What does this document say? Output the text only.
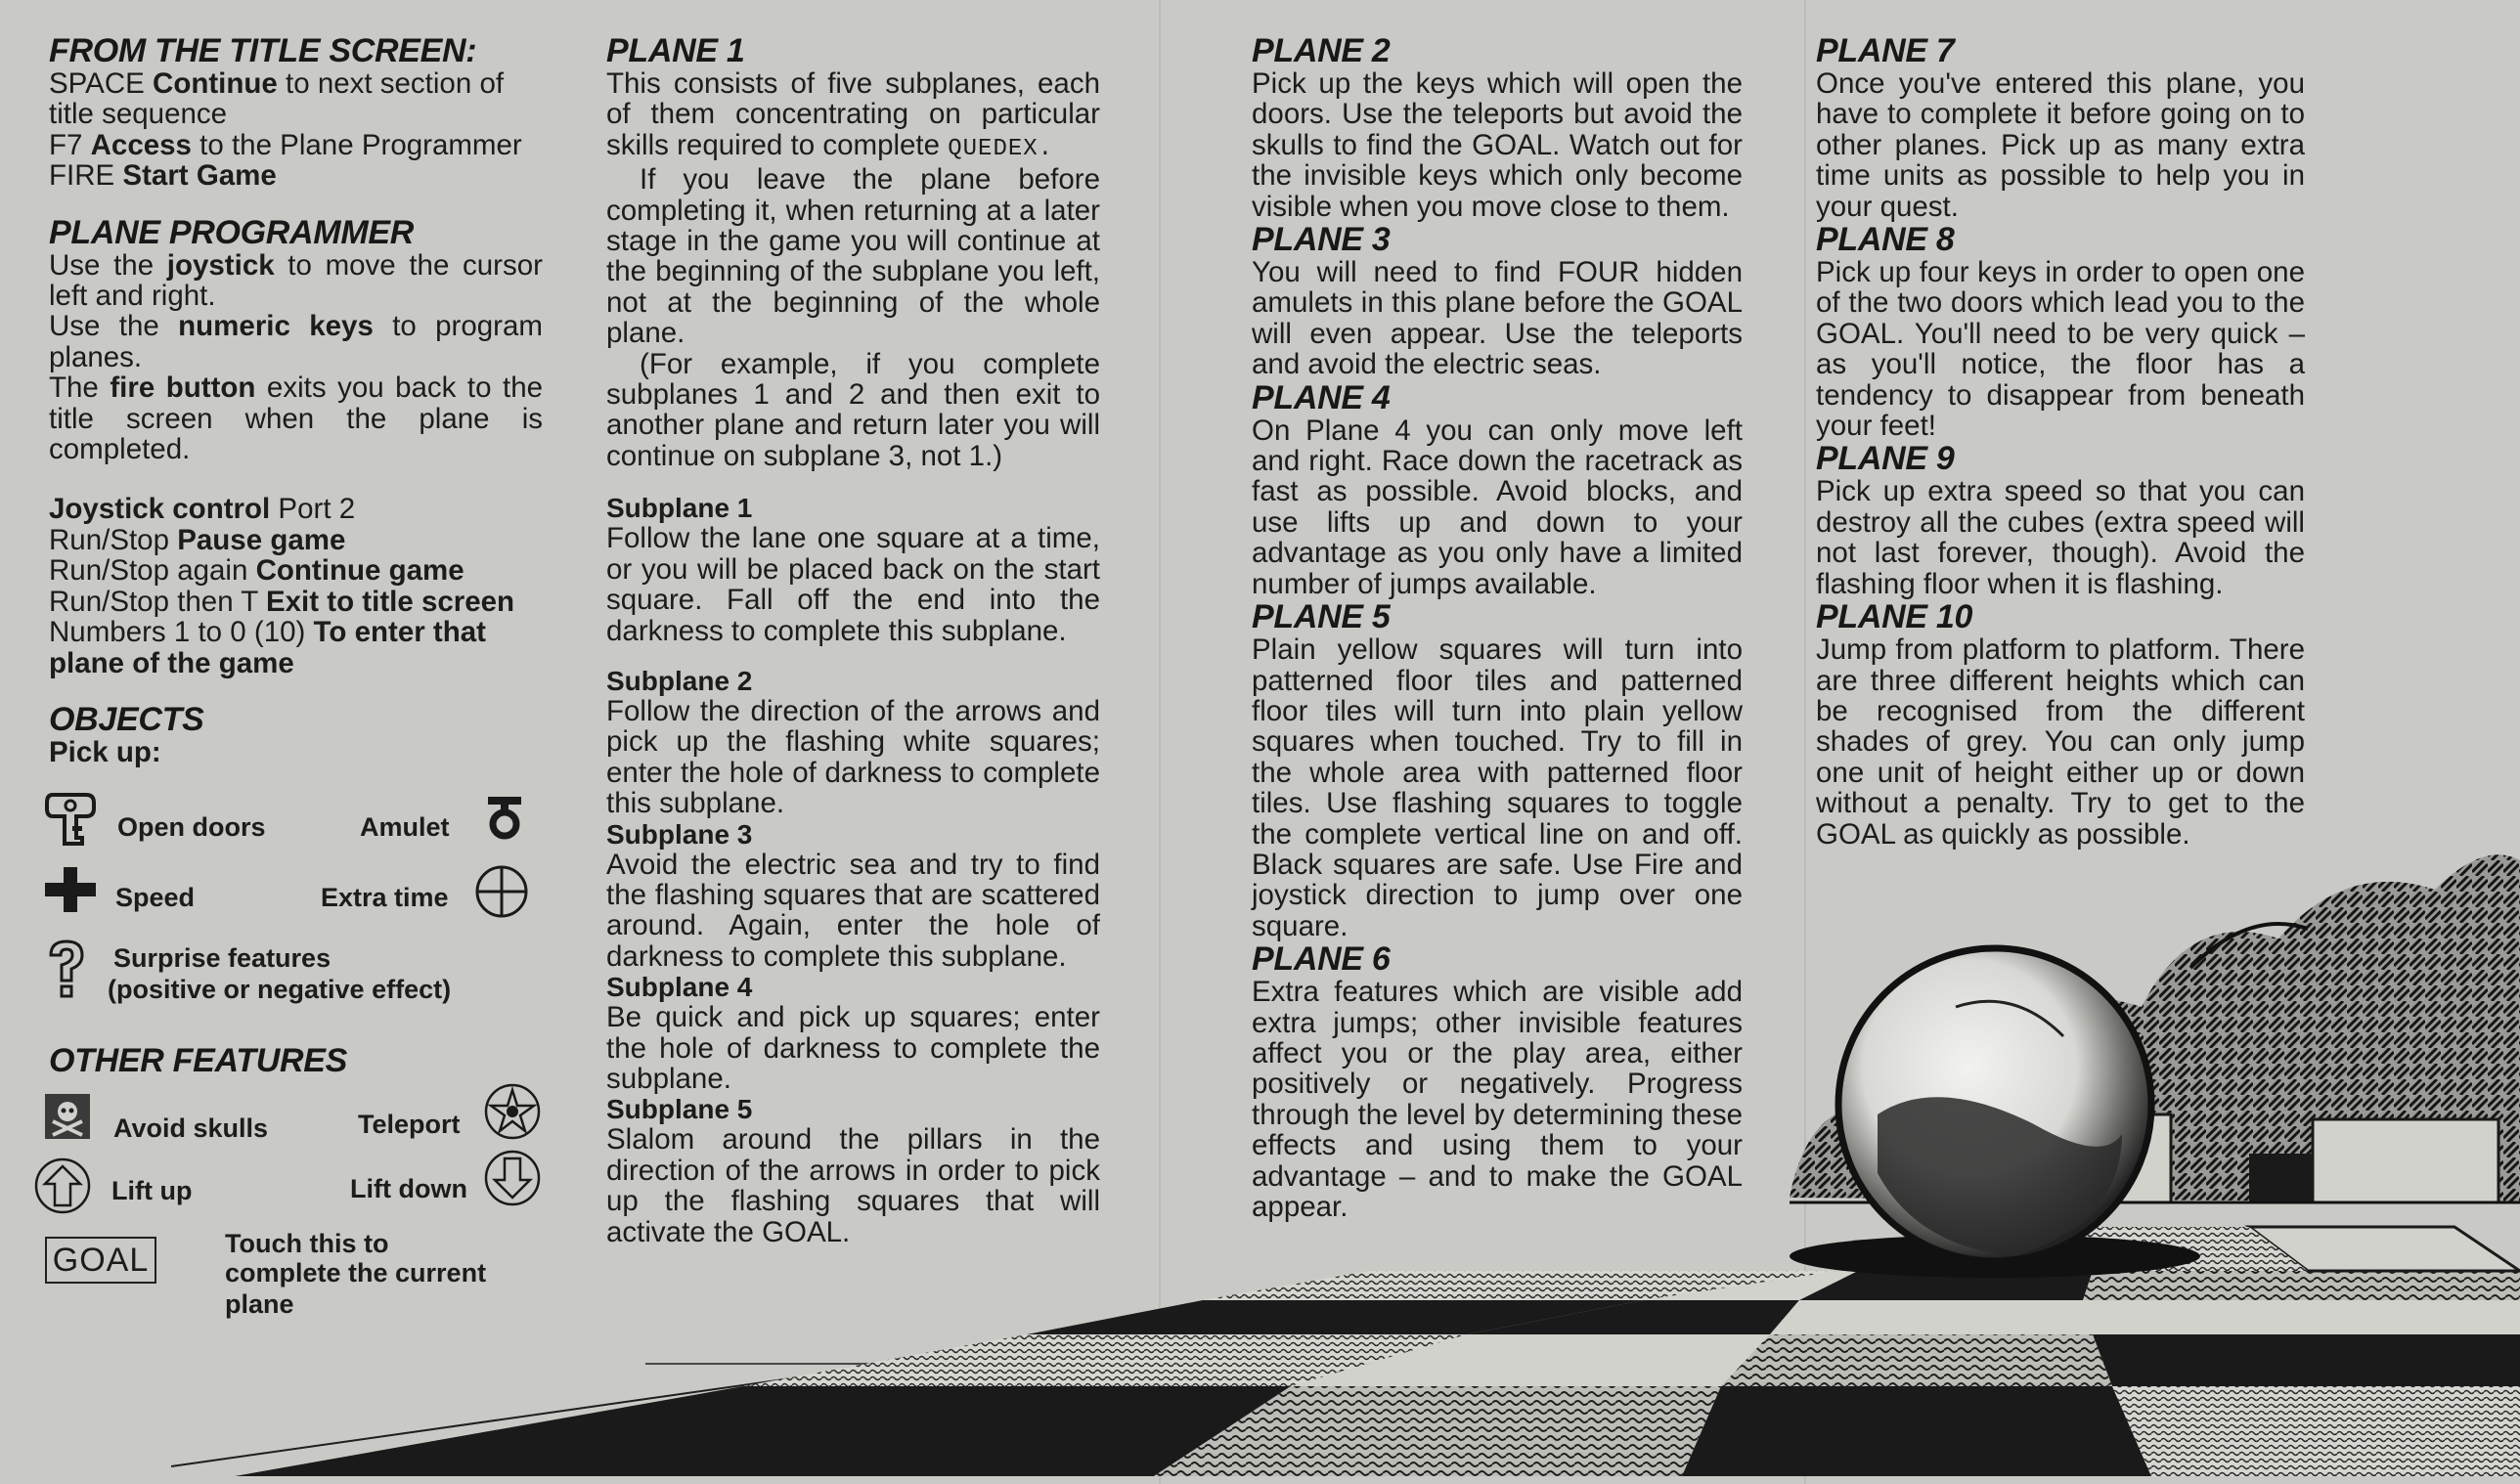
FROM THE TITLE SCREEN:

SPACE Continue to next section of title sequence

F7 Access to the Plane Programmer

FIRE Start Game

PLANE PROGRAMMER

Use the joystick to move the cursor left and right.

Use the numeric keys to program planes.

The fire button exits you back to the title screen when the plane is completed.

Joystick control Port 2

Run/Stop Pause game

Run/Stop again Continue game

Run/Stop then T Exit to title screen

Numbers 1 to 0 (10) To enter that plane of the game

OBJECTS

Pick up:

Open doors	Amulet
Speed	Extra time
Surprise features
(positive or negative effect)
OTHER FEATURES
Avoid skulls	Teleport
Lift up	Lift down
GOAL	Touch this to
complete the current plane
PLANE 1

This consists of five subplanes, each of them concentrating on particular skills required to complete QUEDEX.

If you leave the plane before completing it, when returning at a later stage in the game you will continue at the beginning of the subplane you left, not at the beginning of the whole plane.

(For example, if you complete subplanes 1 and 2 and then exit to another plane and return later you will continue on subplane 3, not 1.)

Subplane 1

Follow the lane one square at a time, or you will be placed back on the start square. Fall off the end into the darkness to complete this subplane.

Subplane 2

Follow the direction of the arrows and pick up the flashing white squares; enter the hole of darkness to complete this subplane.

Subplane 3

Avoid the electric sea and try to find the flashing squares that are scattered around. Again, enter the hole of darkness to complete this subplane.

Subplane 4

Be quick and pick up squares; enter the hole of darkness to complete the subplane.

Subplane 5

Slalom around the pillars in the direction of the arrows in order to pick up the flashing squares that will activate the GOAL.

PLANE 2

Pick up the keys which will open the doors. Use the teleports but avoid the skulls to find the GOAL. Watch out for the invisible keys which only become visible when you move close to them.

PLANE 3

You will need to find FOUR hidden amulets in this plane before the GOAL will even appear. Use the teleports and avoid the electric seas.

PLANE 4

On Plane 4 you can only move left and right. Race down the racetrack as fast as possible. Avoid blocks, and use lifts up and down to your advantage as you only have a limited number of jumps available.

PLANE 5

Plain yellow squares will turn into patterned floor tiles and patterned floor tiles will turn into plain yellow squares when touched. Try to fill in the whole area with patterned floor tiles. Use flashing squares to toggle the complete vertical line on and off. Black squares are safe. Use Fire and joystick direction to jump over one square.

PLANE 6

Extra features which are visible add extra jumps; other invisible features affect you or the play area, either positively or negatively. Progress through the level by determining these effects and using them to your advantage – and to make the GOAL appear.

PLANE 7

Once you've entered this plane, you have to complete it before going on to other planes. Pick up as many extra time units as possible to help you in your quest.

PLANE 8

Pick up four keys in order to open one of the two doors which lead you to the GOAL. You'll need to be very quick – as you'll notice, the floor has a tendency to disappear from beneath your feet!

PLANE 9

Pick up extra speed so that you can destroy all the cubes (extra speed will not last forever, though). Avoid the flashing floor when it is flashing.

PLANE 10

Jump from platform to platform. There are three different heights which can be recognised from the different shades of grey. You can only jump one unit of height either up or down without a penalty. Try to get to the GOAL as quickly as possible.
